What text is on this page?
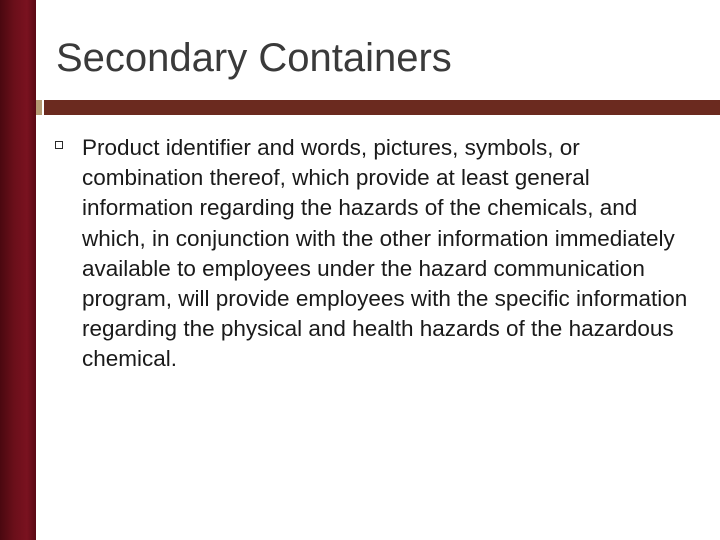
Secondary Containers
Product identifier and words, pictures, symbols, or combination thereof, which provide at least general information regarding the hazards of the chemicals, and which, in conjunction with the other information immediately available to employees under the hazard communication program, will provide employees with the specific information regarding the physical and health hazards of the hazardous chemical.
